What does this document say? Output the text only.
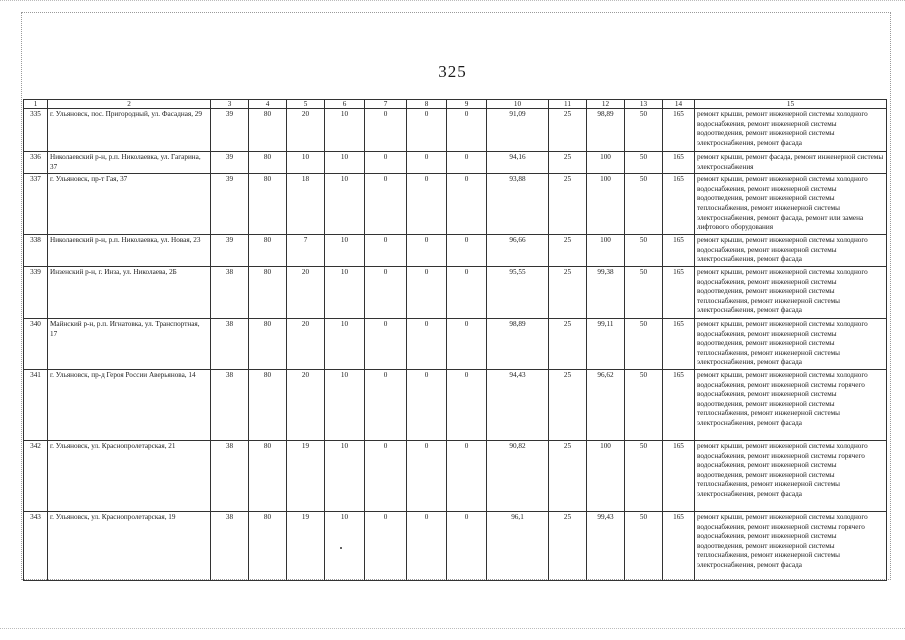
325
1	2	3	4	5	6	7	8	9	10	11	12	13	14	15
335	г. Ульяновск, пос. Пригородный, ул. Фасадная, 29	39	80	20	10	0	0	0	91,09	25	98,89	50	165	ремонт крыши, ремонт инженерной системы холодного водоснабжения, ремонт инженерной системы водоотведения, ремонт инженерной системы электроснабжения, ремонт фасада
336	Николаевский р-н, р.п. Николаевка, ул. Гагарина, 37	39	80	10	10	0	0	0	94,16	25	100	50	165	ремонт крыши, ремонт фасада, ремонт инженерной системы электроснабжения
337	г. Ульяновск, пр-т Гая, 37	39	80	18	10	0	0	0	93,88	25	100	50	165	ремонт крыши, ремонт инженерной системы холодного водоснабжения, ремонт инженерной системы водоотведения, ремонт инженерной системы теплоснабжения, ремонт инженерной системы электроснабжения, ремонт фасада, ремонт или замена лифтового оборудования
338	Николаевский р-н, р.п. Николаевка, ул. Новая, 23	39	80	7	10	0	0	0	96,66	25	100	50	165	ремонт крыши, ремонт инженерной системы холодного водоснабжения, ремонт инженерной системы электроснабжения, ремонт фасада
339	Инзенский р-н, г. Инза, ул. Николаева, 2Б	38	80	20	10	0	0	0	95,55	25	99,38	50	165	ремонт крыши, ремонт инженерной системы холодного водоснабжения, ремонт инженерной системы водоотведения, ремонт инженерной системы теплоснабжения, ремонт инженерной системы электроснабжения, ремонт фасада
340	Майнский р-н, р.п. Игнатовка, ул. Транспортная, 17	38	80	20	10	0	0	0	98,89	25	99,11	50	165	ремонт крыши, ремонт инженерной системы холодного водоснабжения, ремонт инженерной системы водоотведения, ремонт инженерной системы теплоснабжения, ремонт инженерной системы электроснабжения, ремонт фасада
341	г. Ульяновск, пр-д Героя России Аверьянова, 14	38	80	20	10	0	0	0	94,43	25	96,62	50	165	ремонт крыши, ремонт инженерной системы холодного водоснабжения, ремонт инженерной системы горячего водоснабжения, ремонт инженерной системы водоотведения, ремонт инженерной системы теплоснабжения, ремонт инженерной системы электроснабжения, ремонт фасада
342	г. Ульяновск, ул. Краснопролетарская, 21	38	80	19	10	0	0	0	90,82	25	100	50	165	ремонт крыши, ремонт инженерной системы холодного водоснабжения, ремонт инженерной системы горячего водоснабжения, ремонт инженерной системы водоотведения, ремонт инженерной системы теплоснабжения, ремонт инженерной системы электроснабжения, ремонт фасада
343	г. Ульяновск, ул. Краснопролетарская, 19	38	80	19	10	0	0	0	96,1	25	99,43	50	165	ремонт крыши, ремонт инженерной системы холодного водоснабжения, ремонт инженерной системы горячего водоснабжения, ремонт инженерной системы водоотведения, ремонт инженерной системы теплоснабжения, ремонт инженерной системы электроснабжения, ремонт фасада
